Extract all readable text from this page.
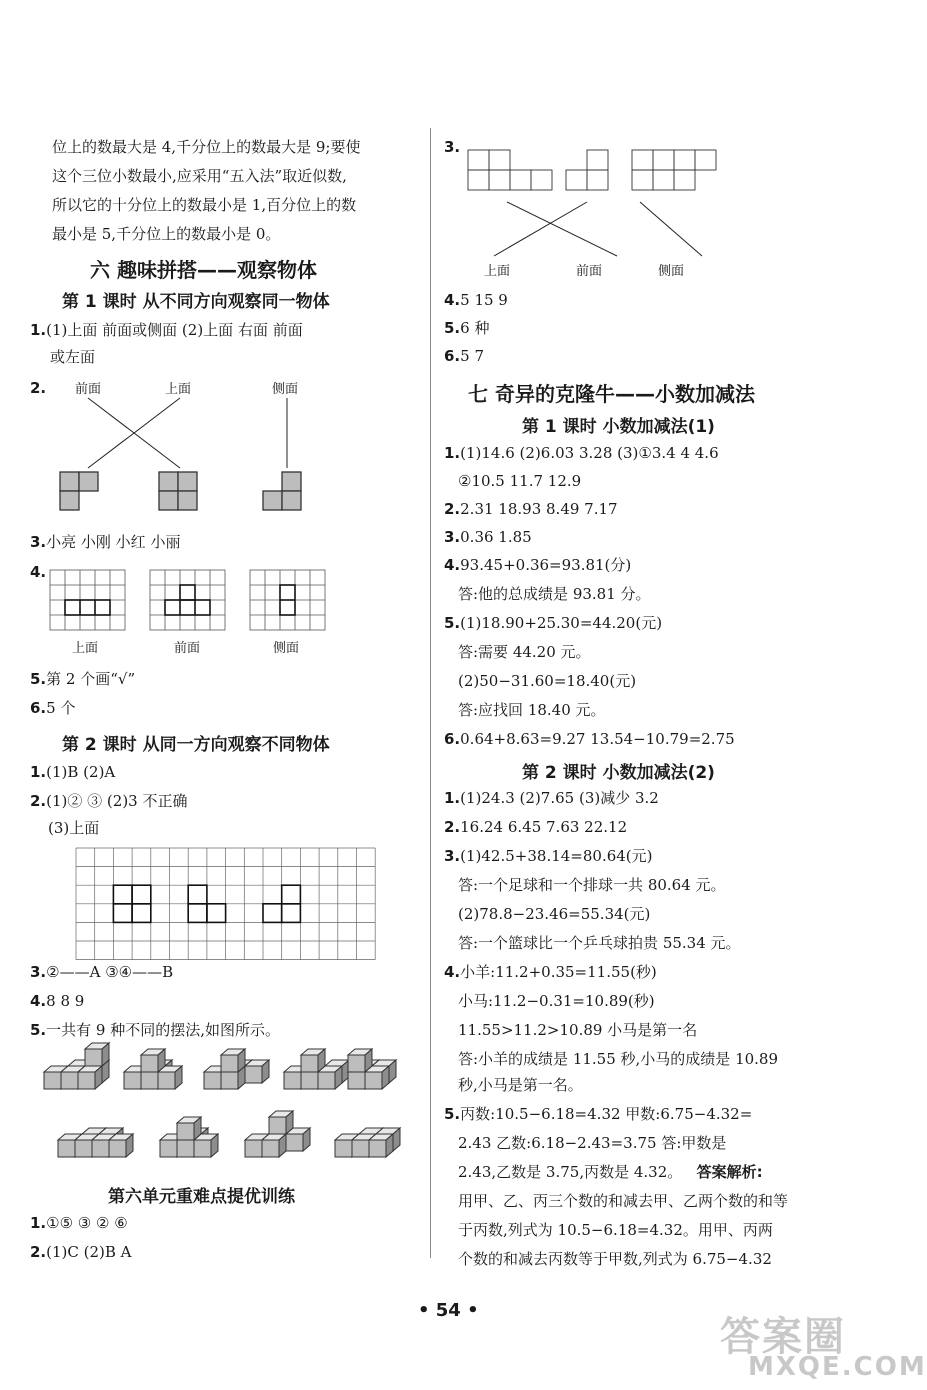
位上的数最大是 4,千分位上的数最大是 9;要使
这个三位小数最小,应采用“五入法”取近似数,
所以它的十分位上的数最小是 1,百分位上的数
最小是 5,千分位上的数最小是 0。
六 趣味拼搭——观察物体
第 1 课时 从不同方向观察同一物体
1.(1)上面 前面或侧面 (2)上面 右面 前面
或左面
2. 前面	上面	侧面
3.小亮 小刚 小红 小丽
4.
上面	前面	侧面
5.第 2 个画“√”
6.5 个
第 2 课时 从同一方向观察不同物体
1.(1)B (2)A
2.(1)② ③ (2)3 不正确
(3)上面
3.②——A ③④——B
4.8 8 9
5.一共有 9 种不同的摆法,如图所示。
第六单元重难点提优训练
1.①⑤ ③ ② ⑥
2.(1)C (2)B A
3.
上面	前面	侧面
4.5 15 9
5.6 种
6.5 7
七 奇异的克隆牛——小数加减法
第 1 课时 小数加减法(1)
1.(1)14.6 (2)6.03 3.28 (3)①3.4 4 4.6
②10.5 11.7 12.9
2.2.31 18.93 8.49 7.17
3.0.36 1.85
4.93.45+0.36=93.81(分)
答:他的总成绩是 93.81 分。
5.(1)18.90+25.30=44.20(元)
答:需要 44.20 元。
(2)50−31.60=18.40(元)
答:应找回 18.40 元。
6.0.64+8.63=9.27 13.54−10.79=2.75
第 2 课时 小数加减法(2)
1.(1)24.3 (2)7.65 (3)减少 3.2
2.16.24 6.45 7.63 22.12
3.(1)42.5+38.14=80.64(元)
答:一个足球和一个排球一共 80.64 元。
(2)78.8−23.46=55.34(元)
答:一个篮球比一个乒乓球拍贵 55.34 元。
4.小羊:11.2+0.35=11.55(秒)
小马:11.2−0.31=10.89(秒)
11.55>11.2>10.89 小马是第一名
答:小羊的成绩是 11.55 秒,小马的成绩是 10.89
秒,小马是第一名。
5.丙数:10.5−6.18=4.32 甲数:6.75−4.32=
2.43 乙数:6.18−2.43=3.75 答:甲数是
2.43,乙数是 3.75,丙数是 4.32。 答案解析:
用甲、乙、丙三个数的和减去甲、乙两个数的和等
于丙数,列式为 10.5−6.18=4.32。用甲、丙两
个数的和减去丙数等于甲数,列式为 6.75−4.32
• 54 •
答案圈
MXQE.COM
